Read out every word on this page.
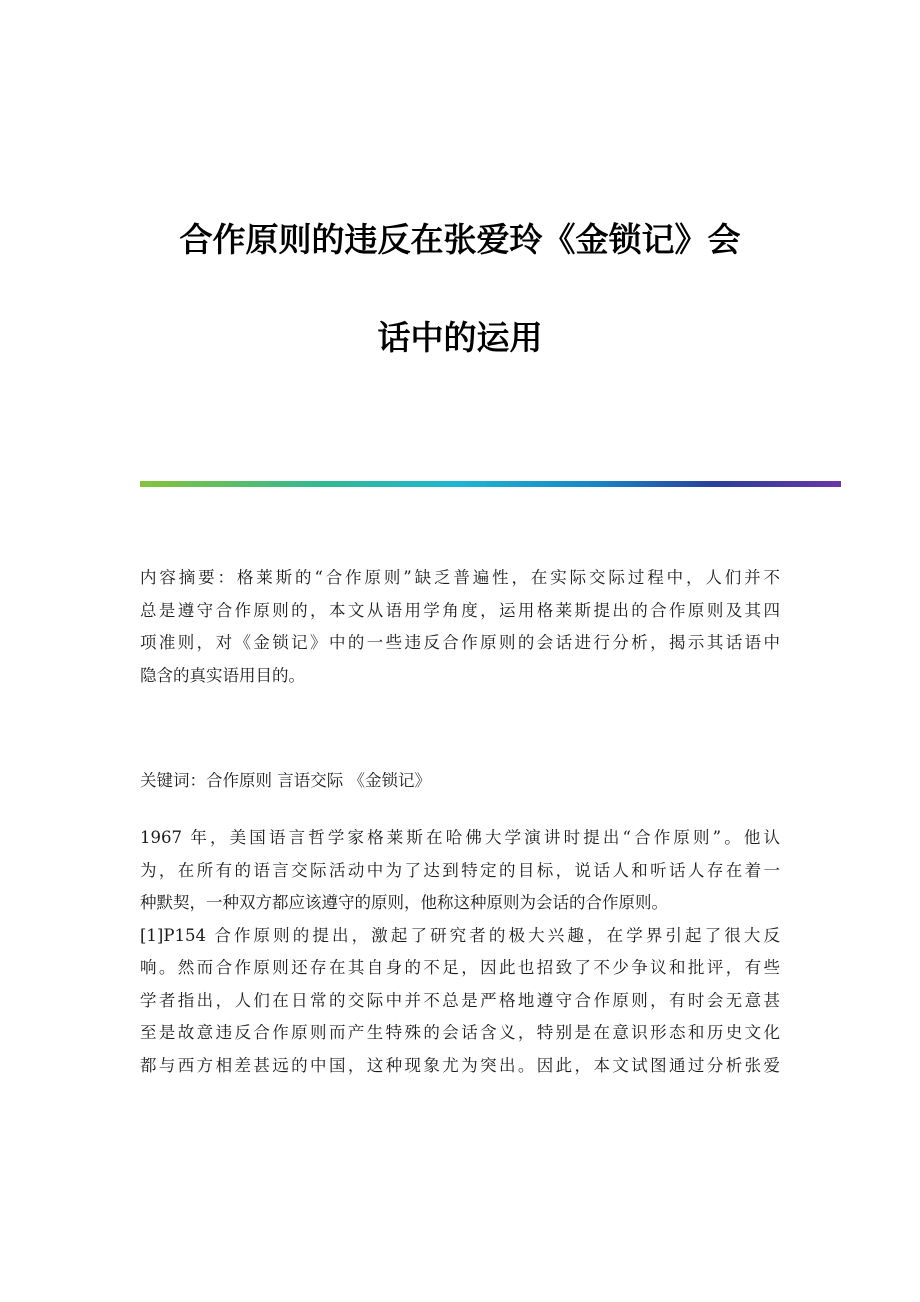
合作原则的违反在张爱玲《金锁记》会
话中的运用
内容摘要：格莱斯的“合作原则”缺乏普遍性，在实际交际过程中，人们并不
总是遵守合作原则的，本文从语用学角度，运用格莱斯提出的合作原则及其四
项准则，对《金锁记》中的一些违反合作原则的会话进行分析，揭示其话语中
隐含的真实语用目的。
关键词：合作原则 言语交际 《金锁记》
1967 年，美国语言哲学家格莱斯在哈佛大学演讲时提出“合作原则”。他认
为，在所有的语言交际活动中为了达到特定的目标，说话人和听话人存在着一
种默契，一种双方都应该遵守的原则，他称这种原则为会话的合作原则。
[1]P154 合作原则的提出，激起了研究者的极大兴趣，在学界引起了很大反
响。然而合作原则还存在其自身的不足，因此也招致了不少争议和批评，有些
学者指出，人们在日常的交际中并不总是严格地遵守合作原则，有时会无意甚
至是故意违反合作原则而产生特殊的会话含义，特别是在意识形态和历史文化
都与西方相差甚远的中国，这种现象尤为突出。因此，本文试图通过分析张爱
